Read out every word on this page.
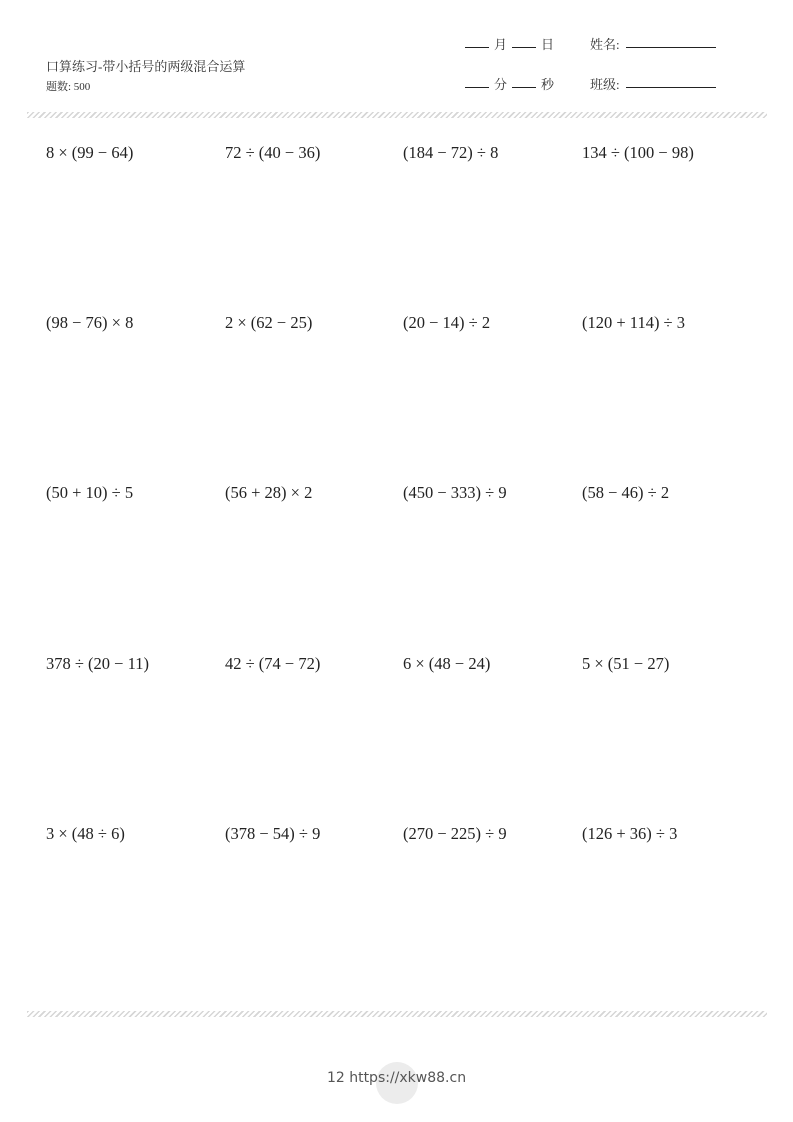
口算练习-带小括号的两级混合运算
题数: 500
月	日	姓名:
分	秒	班级:
8 × (99 − 64)	72 ÷ (40 − 36)	(184 − 72) ÷ 8	134 ÷ (100 − 98)
(98 − 76) × 8	2 × (62 − 25)	(20 − 14) ÷ 2	(120 + 114) ÷ 3
(50 + 10) ÷ 5	(56 + 28) × 2	(450 − 333) ÷ 9	(58 − 46) ÷ 2
378 ÷ (20 − 11)	42 ÷ (74 − 72)	6 × (48 − 24)	5 × (51 − 27)
3 × (48 ÷ 6)	(378 − 54) ÷ 9	(270 − 225) ÷ 9	(126 + 36) ÷ 3
12 https://xkw88.cn
